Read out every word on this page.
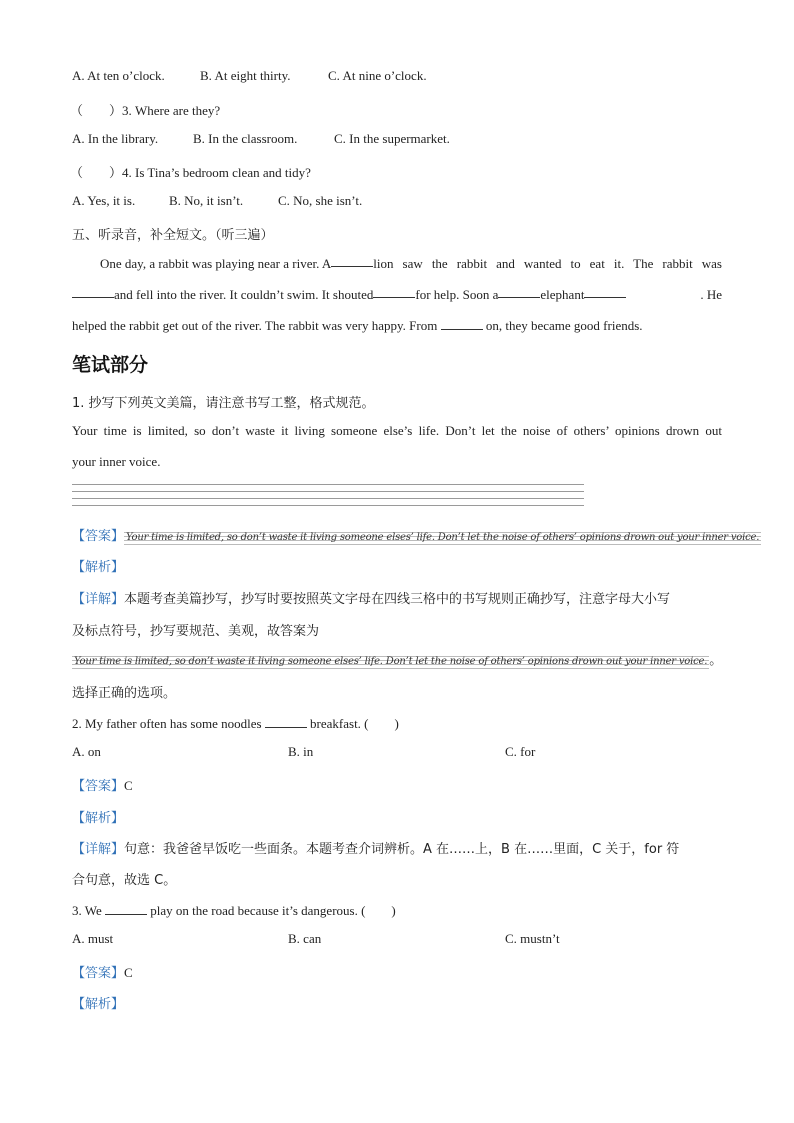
A. At ten o’clock.	B. At eight thirty.	C. At nine o’clock.
（　　）3. Where are they?
A. In the library.	B. In the classroom.	C. In the supermarket.
（　　）4. Is Tina’s bedroom clean and tidy?
A. Yes, it is.	B. No, it isn’t.	C. No, she isn’t.
五、听录音，补全短文。（听三遍）
One day, a rabbit was playing near a river. A	lion saw the rabbit and wanted to eat it. The rabbit was
and fell into the river. It couldn’t swim. It shouted	for help. Soon a	elephant	. He
helped the rabbit get out of the river. The rabbit was very happy. From	on, they became good friends.
笔试部分
1. 抄写下列英文美篇，请注意书写工整，格式规范。
Your time is limited, so don’t waste it living someone else’s life. Don’t let the noise of others’ opinions drown out
your inner voice.
【答案】 Your time is limited, so don’t waste it living someone elses’ life. Don’t let the noise of others’ opinions drown out your inner voice.
【解析】
【详解】本题考查美篇抄写，抄写时要按照英文字母在四线三格中的书写规则正确抄写，注意字母大小写
及标点符号，抄写要规范、美观，故答案为
Your time is limited, so don’t waste it living someone elses’ life. Don’t let the noise of others’ opinions drown out your inner voice. 。
选择正确的选项。
2. My father often has some noodles	breakfast. (　　)
A. on	B. in	C. for
【答案】C
【解析】
【详解】句意：我爸爸早饭吃一些面条。本题考查介词辨析。A 在……上，B 在……里面，C 关于，for 符
合句意，故选 C。
3. We	play on the road because it’s dangerous. (　　)
A. must	B. can	C. mustn’t
【答案】C
【解析】
